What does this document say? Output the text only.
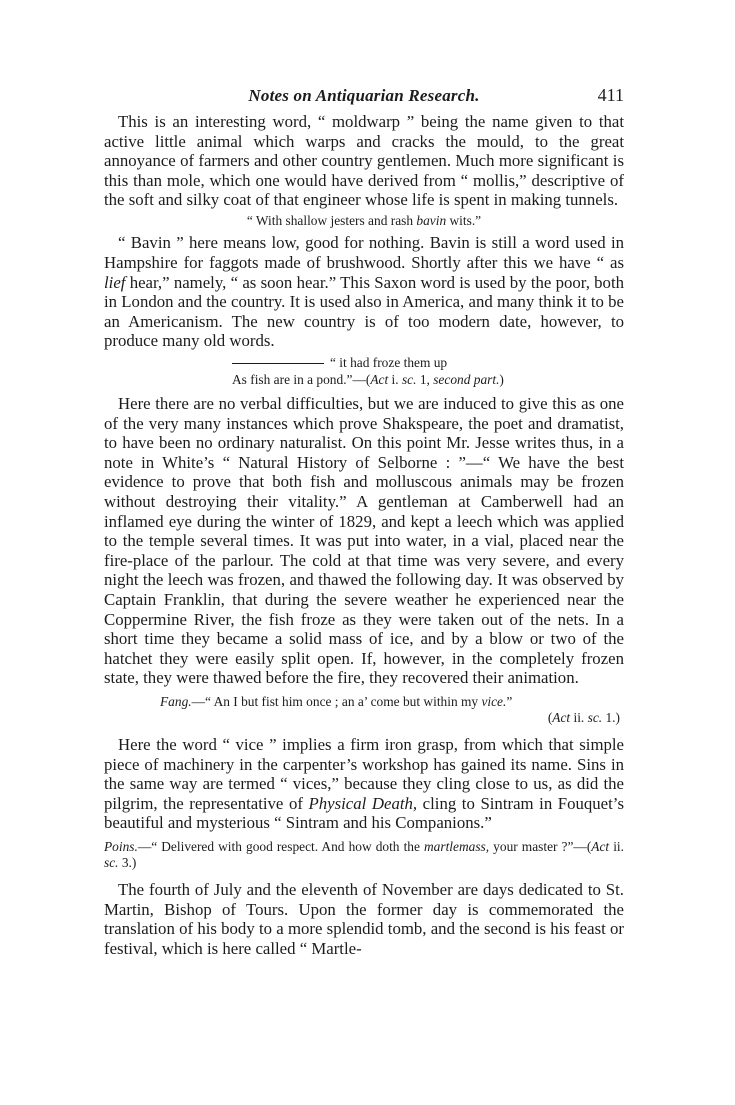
Notes on Antiquarian Research.	411

This is an interesting word, “ moldwarp ” being the name given to that active little animal which warps and cracks the mould, to the great annoyance of farmers and other country gentlemen. Much more significant is this than mole, which one would have derived from “ mollis,” descriptive of the soft and silky coat of that engineer whose life is spent in making tunnels.

“ With shallow jesters and rash bavin wits.”

“ Bavin ” here means low, good for nothing. Bavin is still a word used in Hampshire for faggots made of brushwood. Shortly after this we have “ as lief hear,” namely, “ as soon hear.” This Saxon word is used by the poor, both in London and the country. It is used also in America, and many think it to be an Americanism. The new country is of too modern date, however, to produce many old words.

“ it had froze them up
As fish are in a pond.”—(Act i. sc. 1, second part.)

Here there are no verbal difficulties, but we are induced to give this as one of the very many instances which prove Shakspeare, the poet and dramatist, to have been no ordinary naturalist. On this point Mr. Jesse writes thus, in a note in White’s “ Natural History of Selborne : ”—“ We have the best evidence to prove that both fish and molluscous animals may be frozen without destroying their vitality.” A gentleman at Camberwell had an inflamed eye during the winter of 1829, and kept a leech which was applied to the temple several times. It was put into water, in a vial, placed near the fire-place of the parlour. The cold at that time was very severe, and every night the leech was frozen, and thawed the following day. It was observed by Captain Franklin, that during the severe weather he experienced near the Coppermine River, the fish froze as they were taken out of the nets. In a short time they became a solid mass of ice, and by a blow or two of the hatchet they were easily split open. If, however, in the completely frozen state, they were thawed before the fire, they recovered their animation.

Fang.—“ An I but fist him once ; an a’ come but within my vice.”
(Act ii. sc. 1.)

Here the word “ vice ” implies a firm iron grasp, from which that simple piece of machinery in the carpenter’s workshop has gained its name. Sins in the same way are termed “ vices,” because they cling close to us, as did the pilgrim, the representative of Physical Death, cling to Sintram in Fouquet’s beautiful and mysterious “ Sintram and his Companions.”

Poins.—“ Delivered with good respect. And how doth the martlemass, your master ?”—(Act ii. sc. 3.)

The fourth of July and the eleventh of November are days dedicated to St. Martin, Bishop of Tours. Upon the former day is commemorated the translation of his body to a more splendid tomb, and the second is his feast or festival, which is here called “ Martle-
